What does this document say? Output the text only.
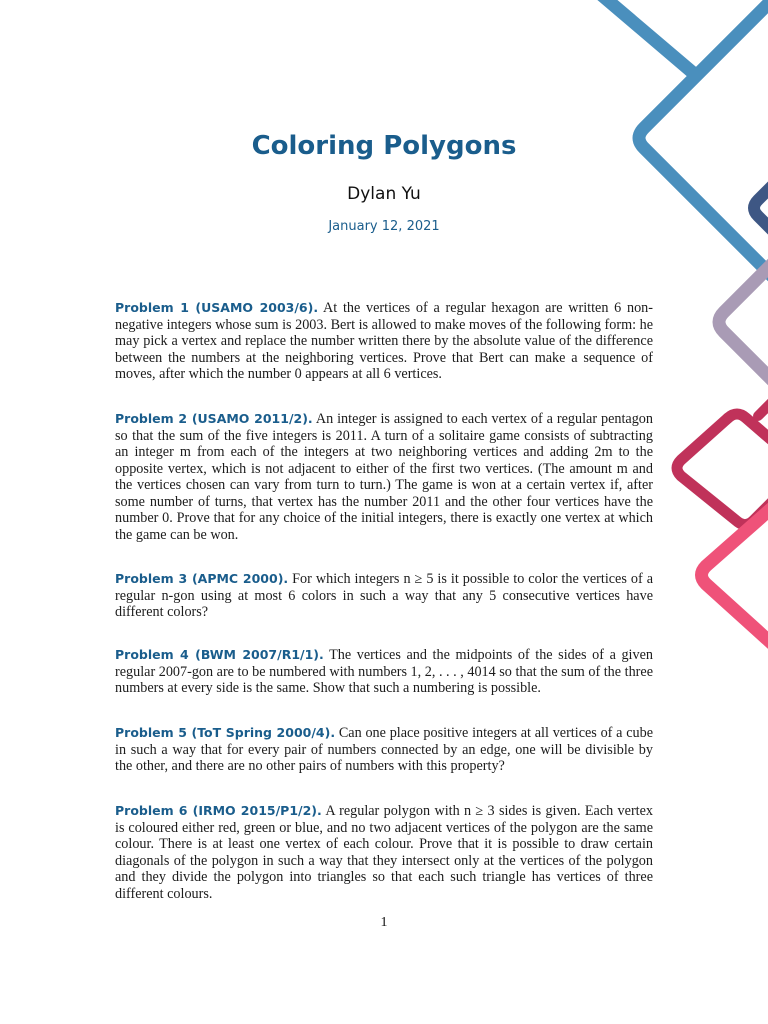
Coloring Polygons
Dylan Yu
January 12, 2021

Problem 1 (USAMO 2003/6). At the vertices of a regular hexagon are written 6 non-negative integers whose sum is 2003. Bert is allowed to make moves of the following form: he may pick a vertex and replace the number written there by the absolute value of the difference between the numbers at the neighboring vertices. Prove that Bert can make a sequence of moves, after which the number 0 appears at all 6 vertices.

Problem 2 (USAMO 2011/2). An integer is assigned to each vertex of a regular pentagon so that the sum of the five integers is 2011. A turn of a solitaire game consists of subtracting an integer m from each of the integers at two neighboring vertices and adding 2m to the opposite vertex, which is not adjacent to either of the first two vertices. (The amount m and the vertices chosen can vary from turn to turn.) The game is won at a certain vertex if, after some number of turns, that vertex has the number 2011 and the other four vertices have the number 0. Prove that for any choice of the initial integers, there is exactly one vertex at which the game can be won.

Problem 3 (APMC 2000). For which integers n ≥ 5 is it possible to color the vertices of a regular n-gon using at most 6 colors in such a way that any 5 consecutive vertices have different colors?

Problem 4 (BWM 2007/R1/1). The vertices and the midpoints of the sides of a given regular 2007-gon are to be numbered with numbers 1, 2, . . . , 4014 so that the sum of the three numbers at every side is the same. Show that such a numbering is possible.

Problem 5 (ToT Spring 2000/4). Can one place positive integers at all vertices of a cube in such a way that for every pair of numbers connected by an edge, one will be divisible by the other, and there are no other pairs of numbers with this property?

Problem 6 (IRMO 2015/P1/2). A regular polygon with n ≥ 3 sides is given. Each vertex is coloured either red, green or blue, and no two adjacent vertices of the polygon are the same colour. There is at least one vertex of each colour. Prove that it is possible to draw certain diagonals of the polygon in such a way that they intersect only at the vertices of the polygon and they divide the polygon into triangles so that each such triangle has vertices of three different colours.

1
